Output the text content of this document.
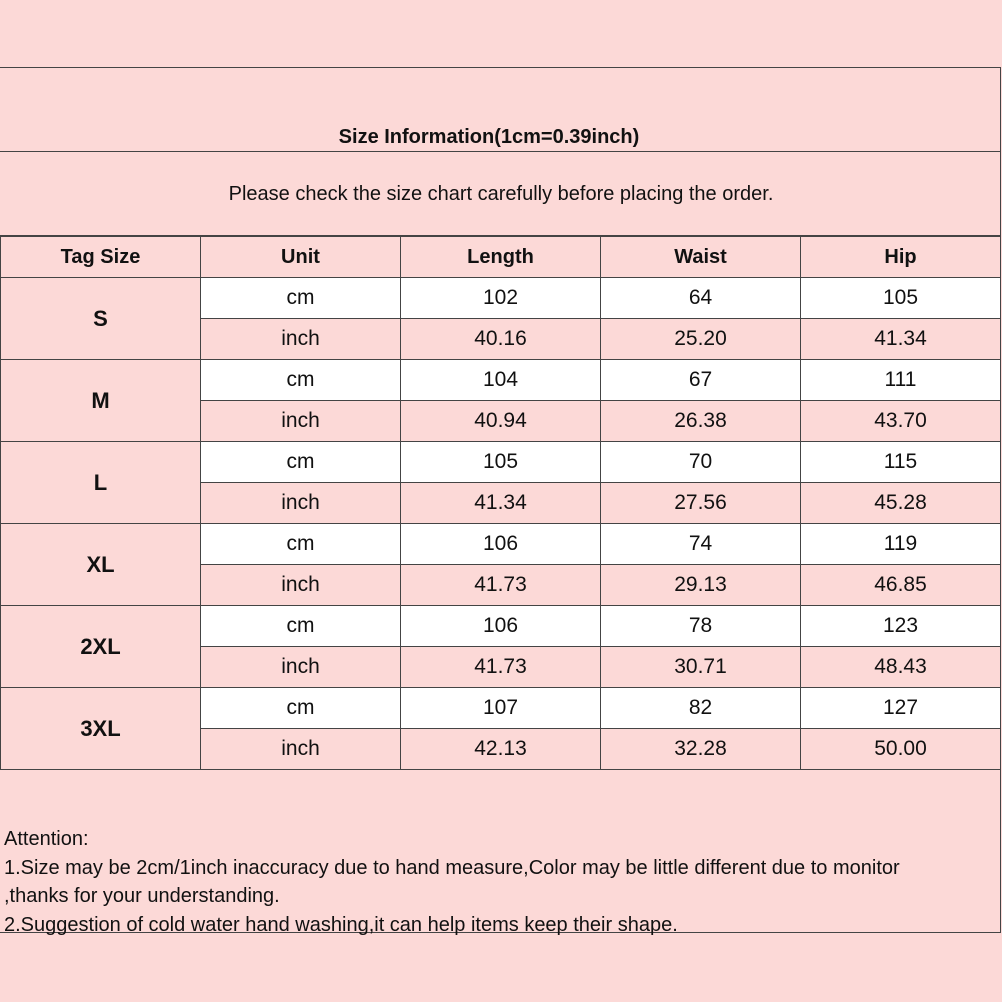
Size Information(1cm=0.39inch)
Please check the size chart carefully before placing the order.
Tag Size	Unit	Length	Waist	Hip
S	cm	102	64	105
	inch	40.16	25.20	41.34
M	cm	104	67	111
	inch	40.94	26.38	43.70
L	cm	105	70	115
	inch	41.34	27.56	45.28
XL	cm	106	74	119
	inch	41.73	29.13	46.85
2XL	cm	106	78	123
	inch	41.73	30.71	48.43
3XL	cm	107	82	127
	inch	42.13	32.28	50.00
Attention:
1.Size may be 2cm/1inch inaccuracy due to hand measure,Color may be little different due to monitor
,thanks for your understanding.
2.Suggestion of cold water hand washing,it can help items keep their shape.
